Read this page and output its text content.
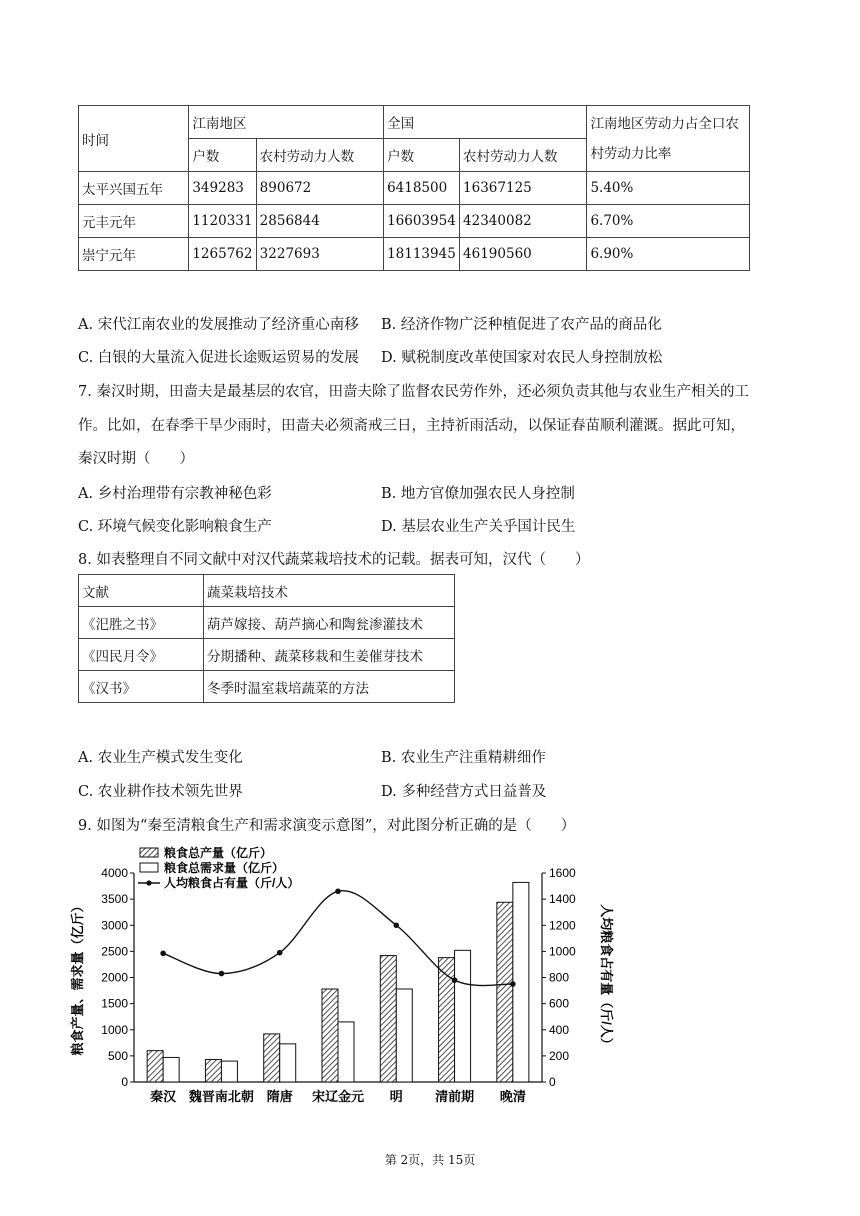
时间	江南地区		全国		江南地区劳动力占全口农村劳动力比率
	户数	农村劳动力人数	户数	农村劳动力人数	
太平兴国五年	349283	890672	6418500	16367125	5.40%
元丰元年	1120331	2856844	16603954	42340082	6.70%
崇宁元年	1265762	3227693	18113945	46190560	6.90%
A. 宋代江南农业的发展推动了经济重心南移 B. 经济作物广泛种植促进了农产品的商品化
C. 白银的大量流入促进长途贩运贸易的发展 D. 赋税制度改革使国家对农民人身控制放松
7. 秦汉时期，田啬夫是最基层的农官，田啬夫除了监督农民劳作外，还必须负责其他与农业生产相关的工
作。比如，在春季干旱少雨时，田啬夫必须斋戒三日，主持祈雨活动，以保证春苗顺利灌溉。据此可知，
秦汉时期（　　）
A. 乡村治理带有宗教神秘色彩	B. 地方官僚加强农民人身控制
C. 环境气候变化影响粮食生产	D. 基层农业生产关乎国计民生
8. 如表整理自不同文献中对汉代蔬菜栽培技术的记载。据表可知，汉代（　　）
文献	蔬菜栽培技术
《汜胜之书》	葫芦嫁接、葫芦摘心和陶瓮渗灌技术
《四民月令》	分期播种、蔬菜移栽和生姜催芽技术
《汉书》	冬季时温室栽培蔬菜的方法
A. 农业生产模式发生变化	B. 农业生产注重精耕细作
C. 农业耕作技术领先世界	D. 多种经营方式日益普及
9. 如图为“秦至清粮食生产和需求演变示意图”，对此图分析正确的是（　　）
0
500
1000
1500
2000
2500
3000
3500
4000
0
200
400
600
800
1000
1200
1400
1600
粮食产量、需求量（亿斤）	人均粮食占有量（斤/人）
秦汉 魏晋南北朝 隋唐 宋辽金元 明 清前期 晚清
粮食总产量（亿斤）
粮食总需求量（亿斤）
人均粮食占有量（斤/人）
第 2页，共 15页
